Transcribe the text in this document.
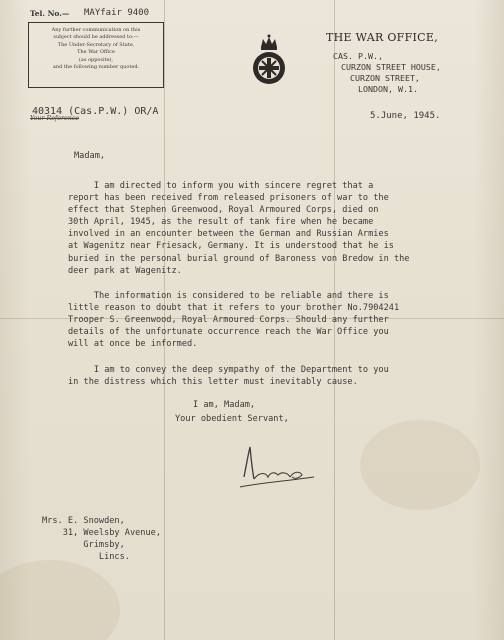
Tel. No.— MAYfair 9400
Any further communication on this
subject should be addressed to:—
The Under-Secretary of State,
The War Office
(as opposite),
and the following number quoted.
THE WAR OFFICE,
CAS. P.W.,
CURZON STREET HOUSE,
CURZON STREET,
LONDON, W.1.
40314 (Cas.P.W.) OR/A
Your Reference	5.June, 1945.
Madam,

I am directed to inform you with sincere regret that a
report has been received from released prisoners of war to the
effect that Stephen Greenwood, Royal Armoured Corps, died on
30th April, 1945, as the result of tank fire when he became
involved in an encounter between the German and Russian Armies
at Wagenitz near Friesack, Germany. It is understood that he is
buried in the personal burial ground of Baroness von Bredow in the
deer park at Wagenitz.

The information is considered to be reliable and there is
little reason to doubt that it refers to your brother No.7904241
Trooper S. Greenwood, Royal Armoured Corps. Should any further
details of the unfortunate occurrence reach the War Office you
will at once be informed.

I am to convey the deep sympathy of the Department to you
in the distress which this letter must inevitably cause.

I am, Madam,
Your obedient Servant,
Mrs. E. Snowden,
31, Weelsby Avenue,
Grimsby,
Lincs.
